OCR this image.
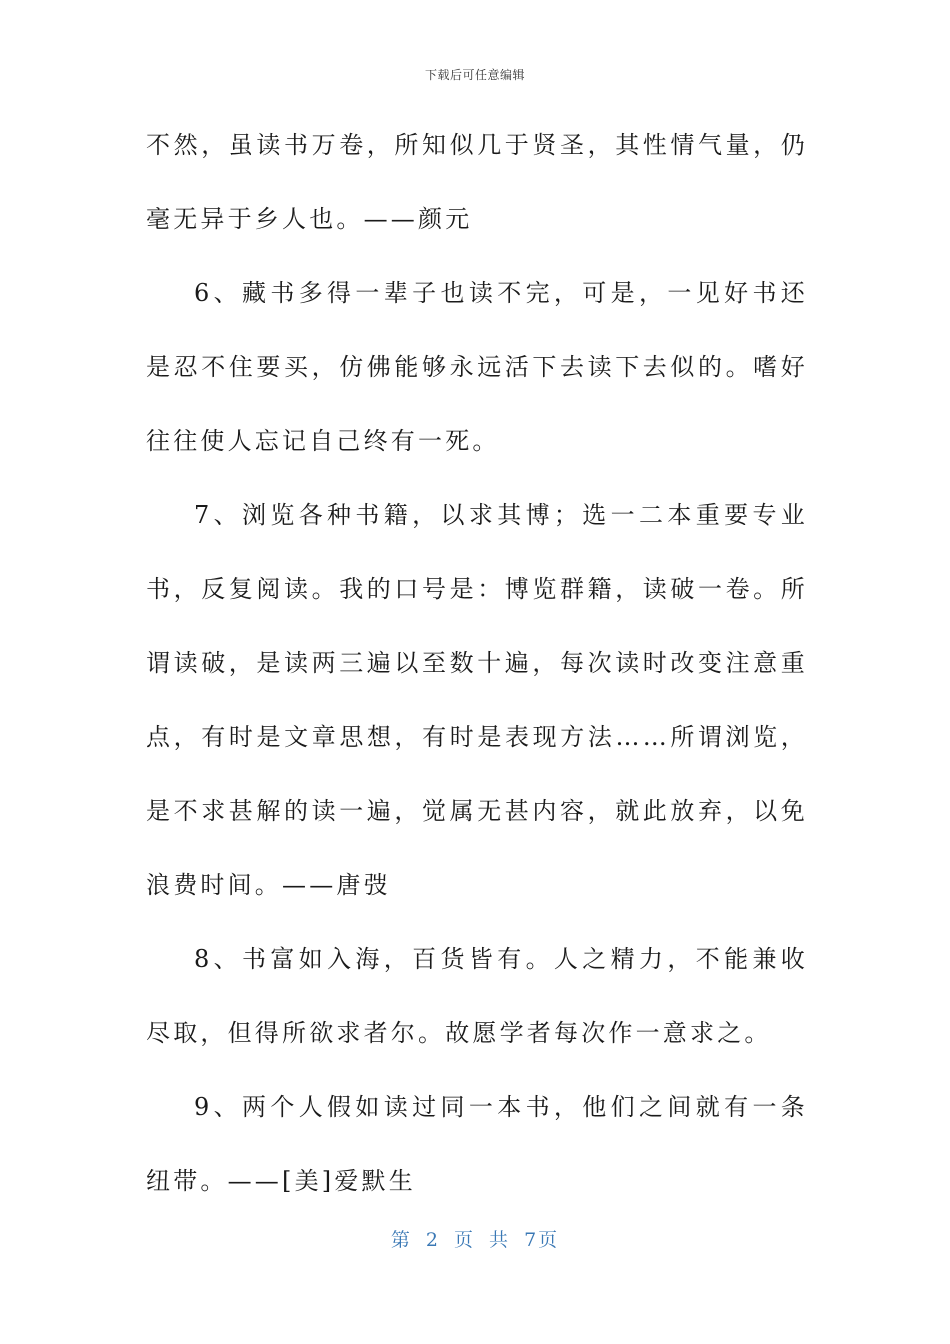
下载后可任意编辑

不然，虽读书万卷，所知似几于贤圣，其性情气量，仍毫无异于乡人也。——颜元

6、藏书多得一辈子也读不完，可是，一见好书还是忍不住要买，仿佛能够永远活下去读下去似的。嗜好往往使人忘记自己终有一死。

7、浏览各种书籍，以求其博；选一二本重要专业书，反复阅读。我的口号是：博览群籍，读破一卷。所谓读破，是读两三遍以至数十遍，每次读时改变注意重点，有时是文章思想，有时是表现方法……所谓浏览，是不求甚解的读一遍，觉属无甚内容，就此放弃，以免浪费时间。——唐弢

8、书富如入海，百货皆有。人之精力，不能兼收尽取，但得所欲求者尔。故愿学者每次作一意求之。

9、两个人假如读过同一本书，他们之间就有一条纽带。——[美]爱默生

第 2 页 共 7页
